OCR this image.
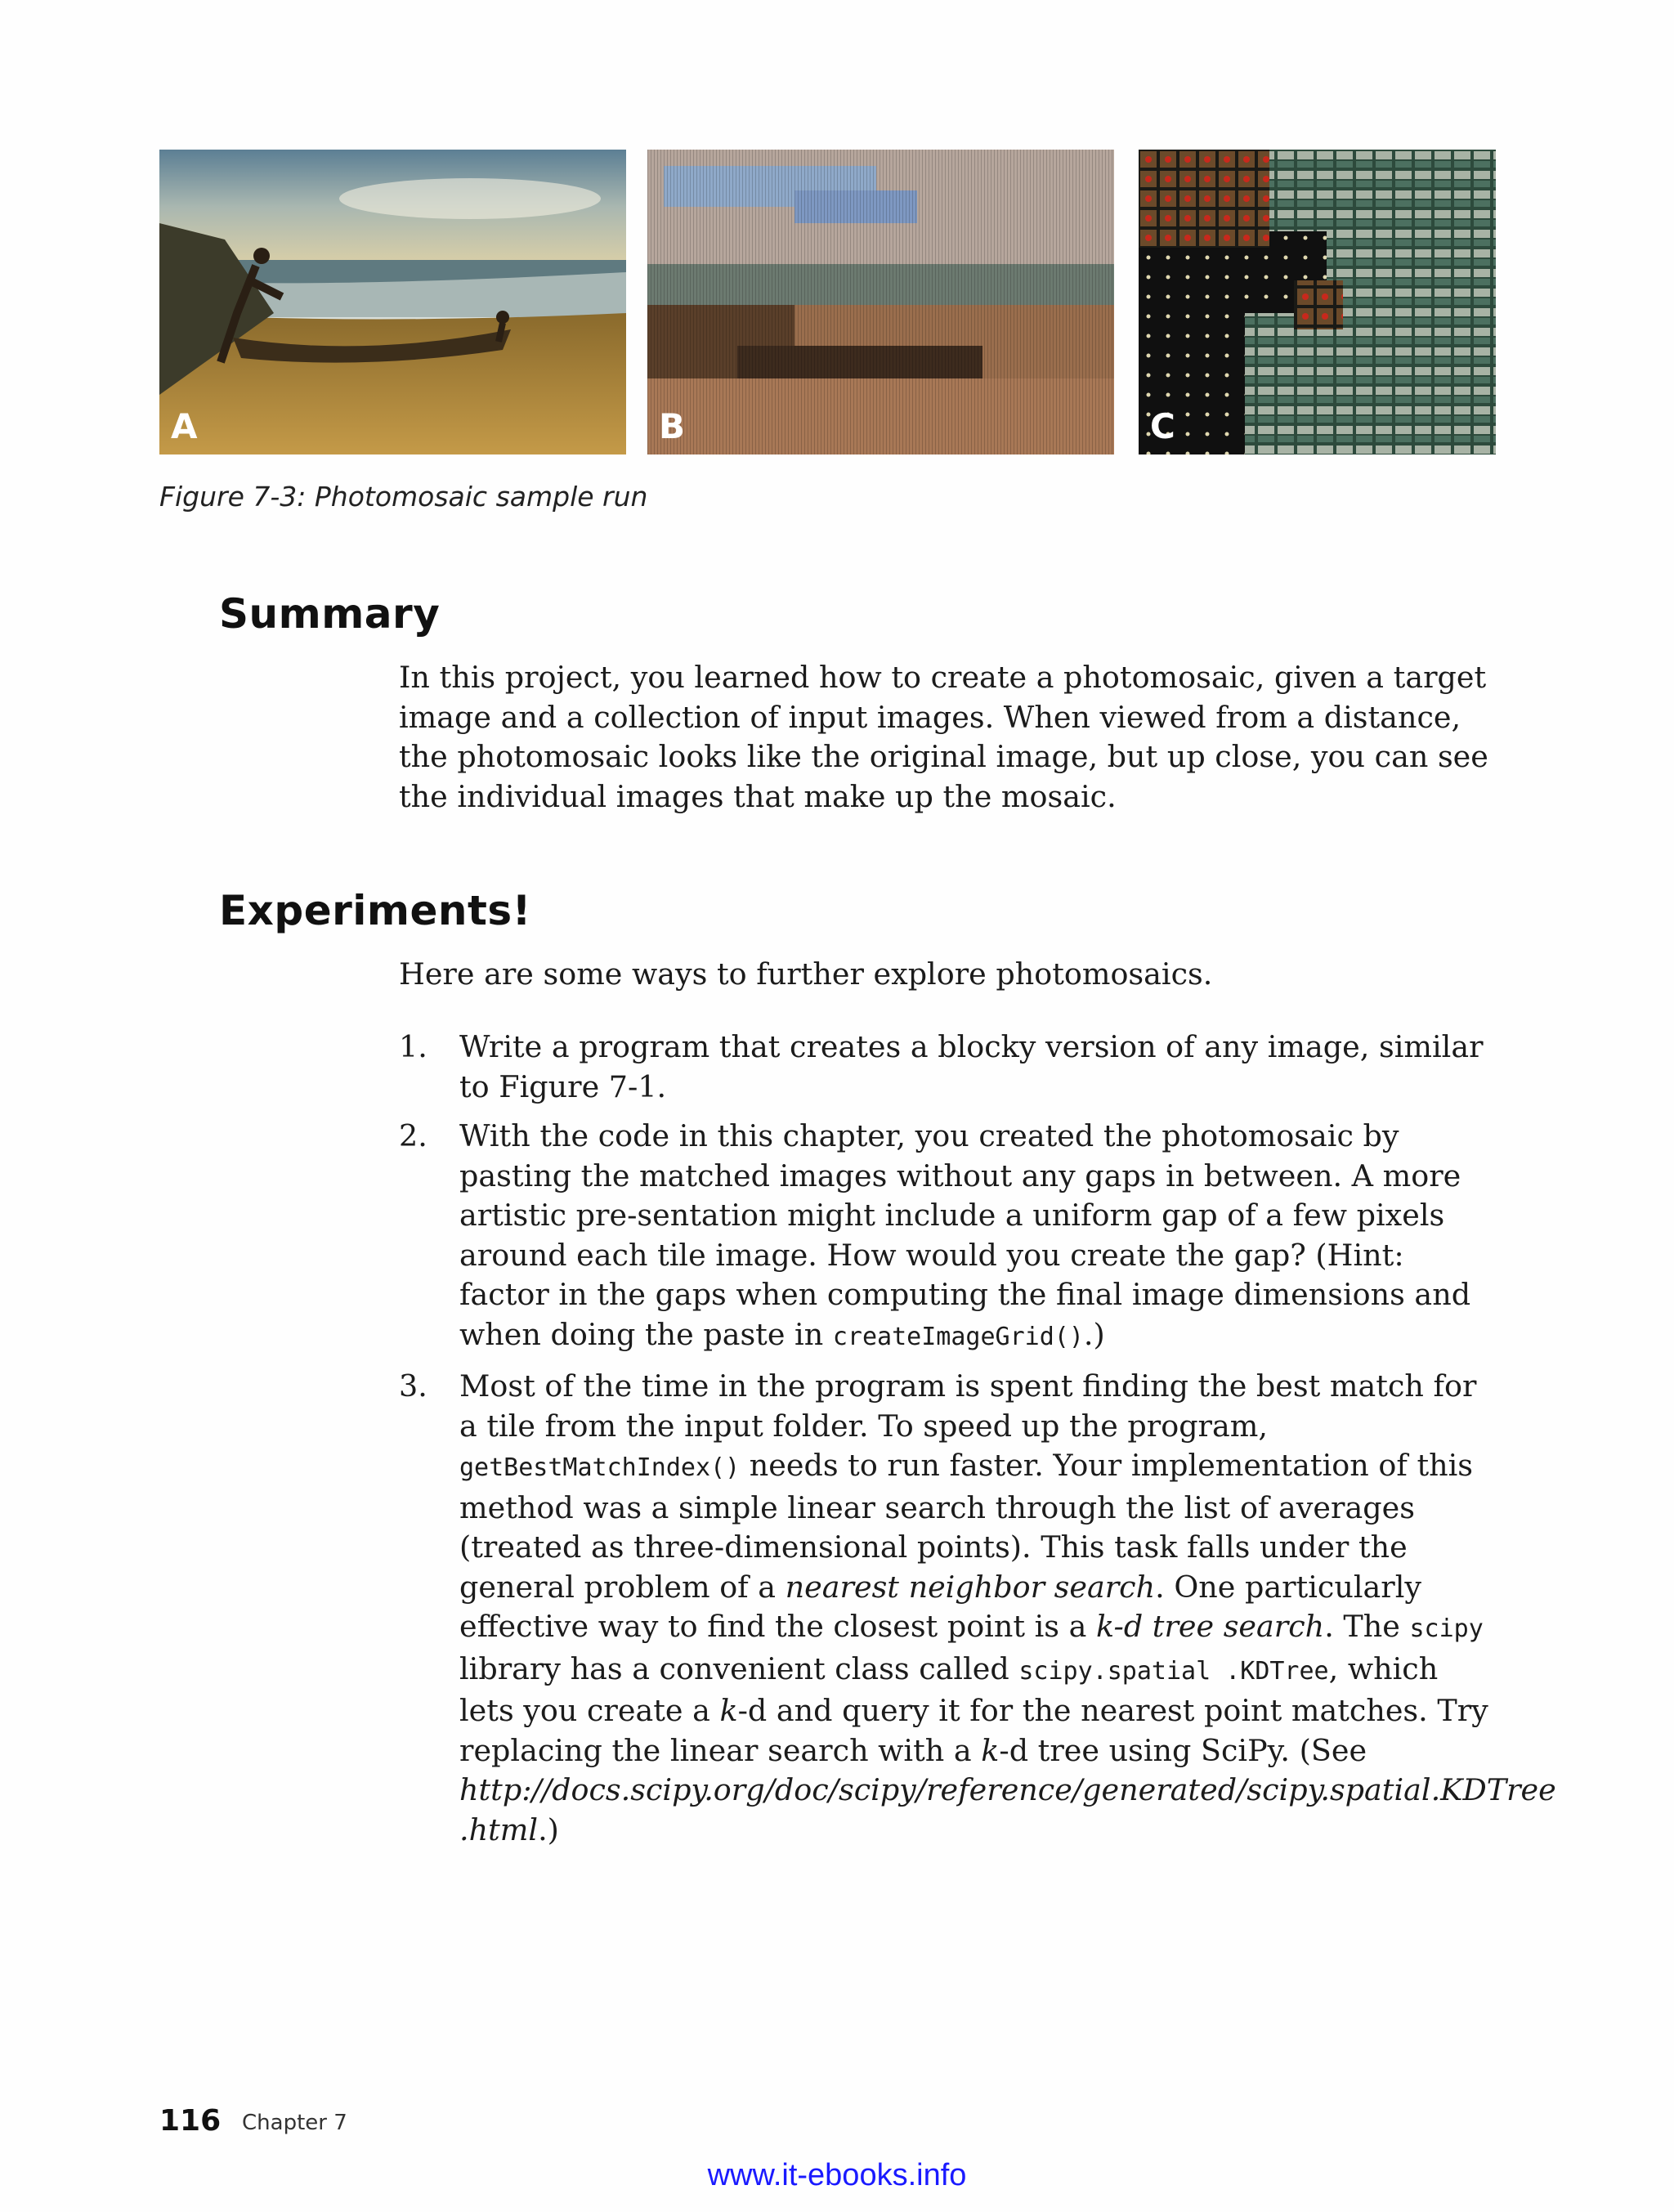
A	B	C
Figure 7-3: Photomosaic sample run
Summary

In this project, you learned how to create a photomosaic, given a target image and a collection of input images. When viewed from a distance, the photomosaic looks like the original image, but up close, you can see the individual images that make up the mosaic.

Experiments!

Here are some ways to further explore photomosaics.

1. Write a program that creates a blocky version of any image, similar to Figure 7-1.
2. With the code in this chapter, you created the photomosaic by pasting the matched images without any gaps in between. A more artistic pre-sentation might include a uniform gap of a few pixels around each tile image. How would you create the gap? (Hint: factor in the gaps when computing the final image dimensions and when doing the paste in createImageGrid().)
3. Most of the time in the program is spent finding the best match for a tile from the input folder. To speed up the program, getBestMatchIndex() needs to run faster. Your implementation of this method was a simple linear search through the list of averages (treated as three-dimensional points). This task falls under the general problem of a nearest neighbor search. One particularly effective way to find the closest point is a k-d tree search. The scipy library has a convenient class called scipy.spatial .KDTree, which lets you create a k-d and query it for the nearest point matches. Try replacing the linear search with a k-d tree using SciPy. (See http://docs.scipy.org/doc/scipy/reference/generated/scipy.spatial.KDTree .html.)
116 Chapter 7
www.it-ebooks.info
